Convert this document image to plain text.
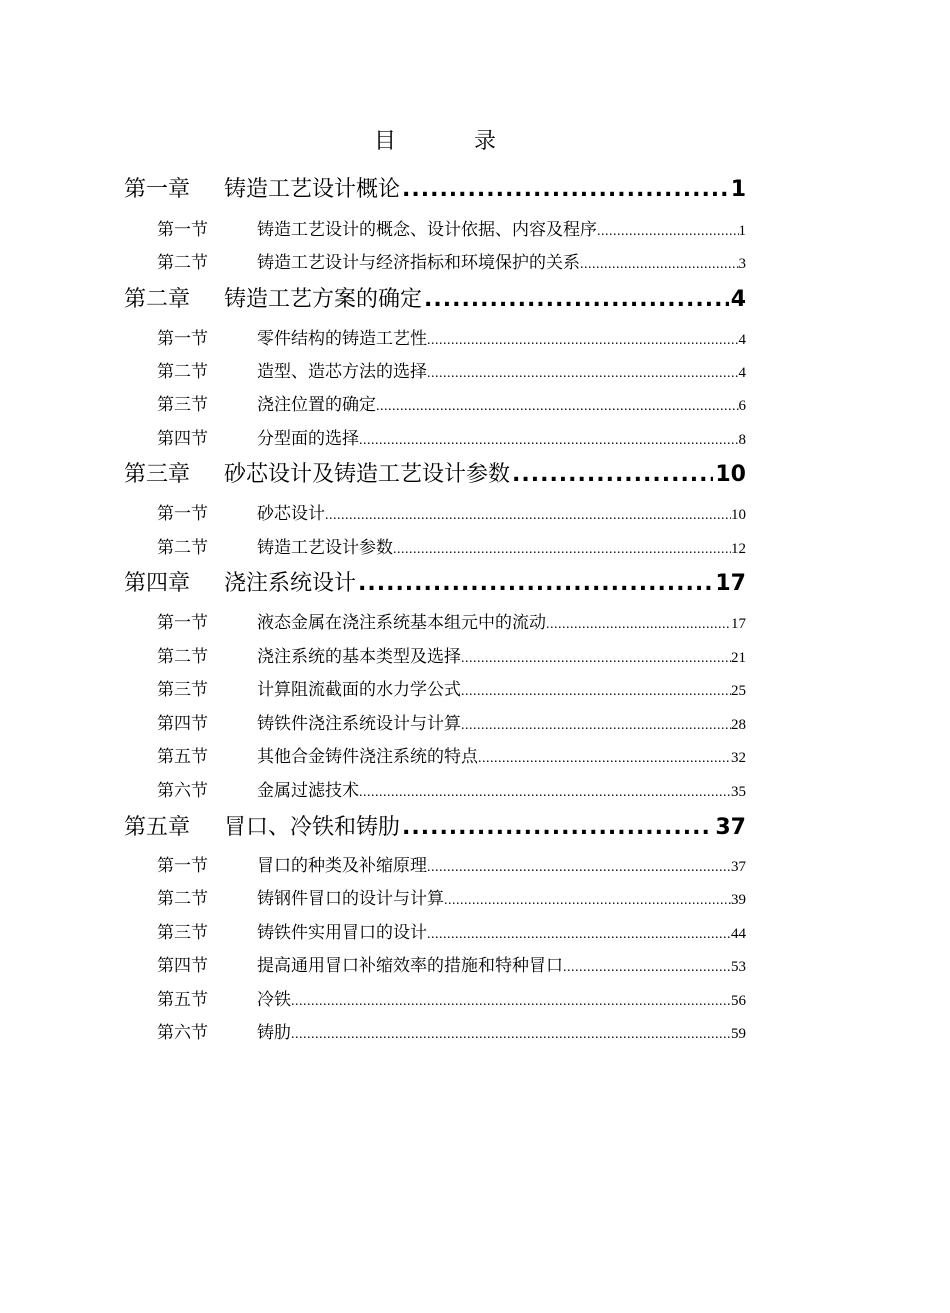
目	录
第一章	铸造工艺设计概论 .....	1
第一节	铸造工艺设计的概念、设计依据、内容及程序 .....	1
第二节	铸造工艺设计与经济指标和环境保护的关系 .....	3
第二章	铸造工艺方案的确定 .....	4
第一节	零件结构的铸造工艺性 .....	4
第二节	造型、造芯方法的选择 .....	4
第三节	浇注位置的确定 .....	6
第四节	分型面的选择 .....	8
第三章	砂芯设计及铸造工艺设计参数 .....	10
第一节	砂芯设计 .....	10
第二节	铸造工艺设计参数 .....	12
第四章	浇注系统设计 .....	17
第一节	液态金属在浇注系统基本组元中的流动 .....	17
第二节	浇注系统的基本类型及选择 .....	21
第三节	计算阻流截面的水力学公式 .....	25
第四节	铸铁件浇注系统设计与计算 .....	28
第五节	其他合金铸件浇注系统的特点 .....	32
第六节	金属过滤技术 .....	35
第五章	冒口、冷铁和铸肋 .....	37
第一节	冒口的种类及补缩原理 .....	37
第二节	铸钢件冒口的设计与计算 .....	39
第三节	铸铁件实用冒口的设计 .....	44
第四节	提高通用冒口补缩效率的措施和特种冒口 .....	53
第五节	冷铁 .....	56
第六节	铸肋 .....	59
